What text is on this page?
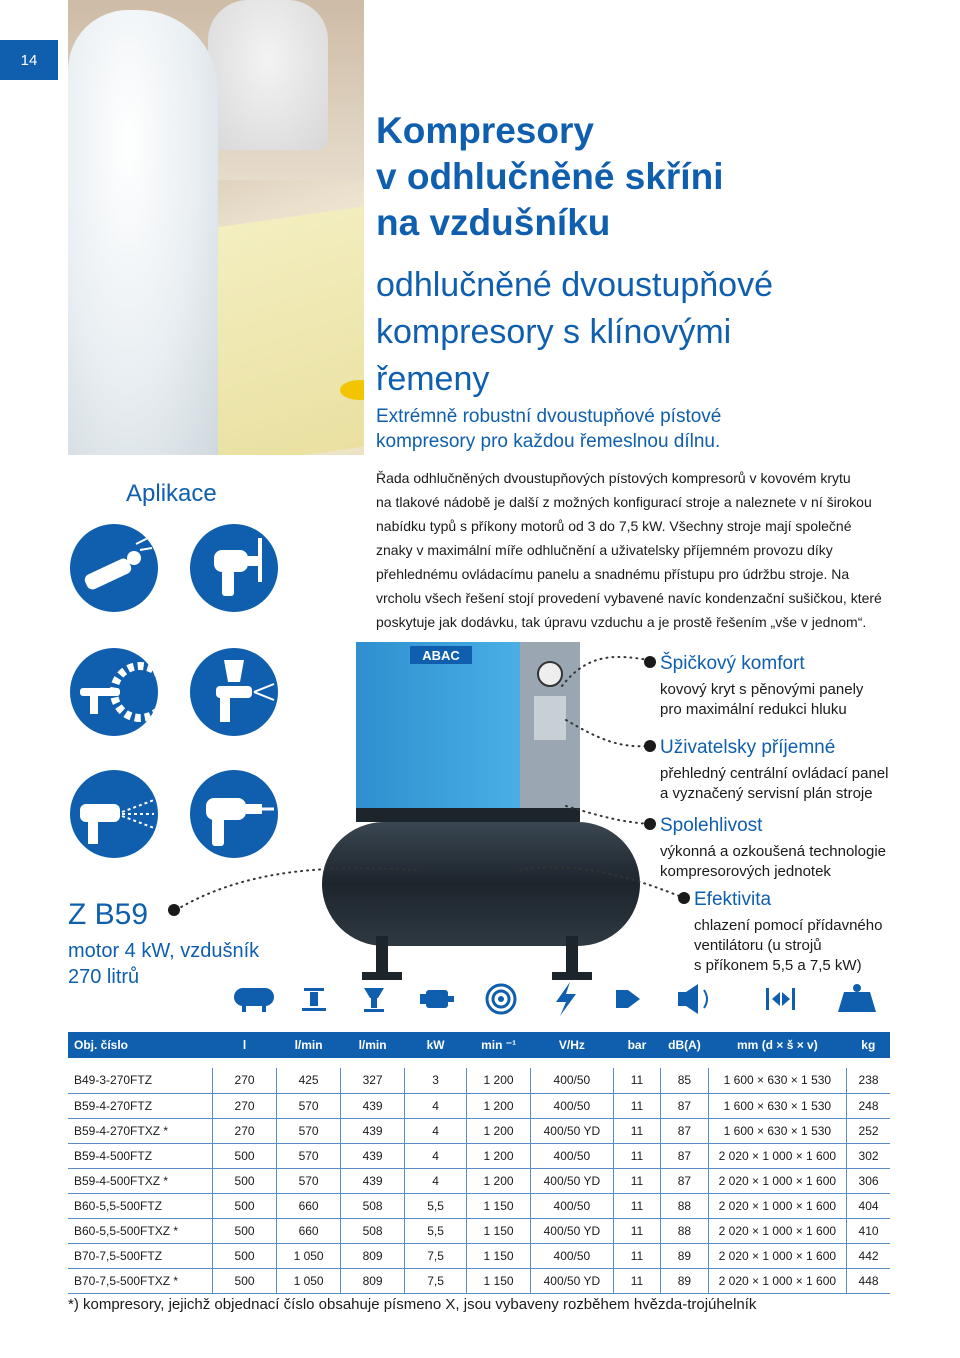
14
Kompresory
v odhlučněné skříni
na vzdušníku
odhlučněné dvoustupňové
kompresory s klínovými
řemeny
Extrémně robustní dvoustupňové pístové
kompresory pro každou řemeslnou dílnu.
Řada odhlučněných dvoustupňových pístových kompresorů v kovovém krytu
na tlakové nádobě je další z možných konfigurací stroje a naleznete v ní širokou
nabídku typů s příkony motorů od 3 do 7,5 kW. Všechny stroje mají společné
znaky v maximální míře odhlučnění a uživatelsky příjemném provozu díky
přehlednému ovládacímu panelu a snadnému přístupu pro údržbu stroje. Na
vrcholu všech řešení stojí provedení vybavené navíc kondenzační sušičkou, které
poskytuje jak dodávku, tak úpravu vzduchu a je prostě řešením „vše v jednom“.
Aplikace
ABAC
Z B59
motor 4 kW, vzdušník
270 litrů
Špičkový komfort
kovový kryt s pěnovými panely
pro maximální redukci hluku
Uživatelsky příjemné
přehledný centrální ovládací panel
a vyznačený servisní plán stroje
Spolehlivost
výkonná a ozkoušená technologie
kompresorových jednotek
Efektivita
chlazení pomocí přídavného
ventilátoru (u strojů
s příkonem 5,5 a 7,5 kW)
Obj. číslo	l	l/min	l/min	kW	min ⁻¹	V/Hz	bar	dB(A)	mm (d × š × v)	kg

B49-3-270FTZ	270	425	327	3	1 200	400/50	11	85	1 600 × 630 × 1 530	238
B59-4-270FTZ	270	570	439	4	1 200	400/50	11	87	1 600 × 630 × 1 530	248
B59-4-270FTXZ *	270	570	439	4	1 200	400/50 YD	11	87	1 600 × 630 × 1 530	252
B59-4-500FTZ	500	570	439	4	1 200	400/50	11	87	2 020 × 1 000 × 1 600	302
B59-4-500FTXZ *	500	570	439	4	1 200	400/50 YD	11	87	2 020 × 1 000 × 1 600	306
B60-5,5-500FTZ	500	660	508	5,5	1 150	400/50	11	88	2 020 × 1 000 × 1 600	404
B60-5,5-500FTXZ *	500	660	508	5,5	1 150	400/50 YD	11	88	2 020 × 1 000 × 1 600	410
B70-7,5-500FTZ	500	1 050	809	7,5	1 150	400/50	11	89	2 020 × 1 000 × 1 600	442
B70-7,5-500FTXZ *	500	1 050	809	7,5	1 150	400/50 YD	11	89	2 020 × 1 000 × 1 600	448
*) kompresory, jejichž objednací číslo obsahuje písmeno X, jsou vybaveny rozběhem hvězda-trojúhelník
